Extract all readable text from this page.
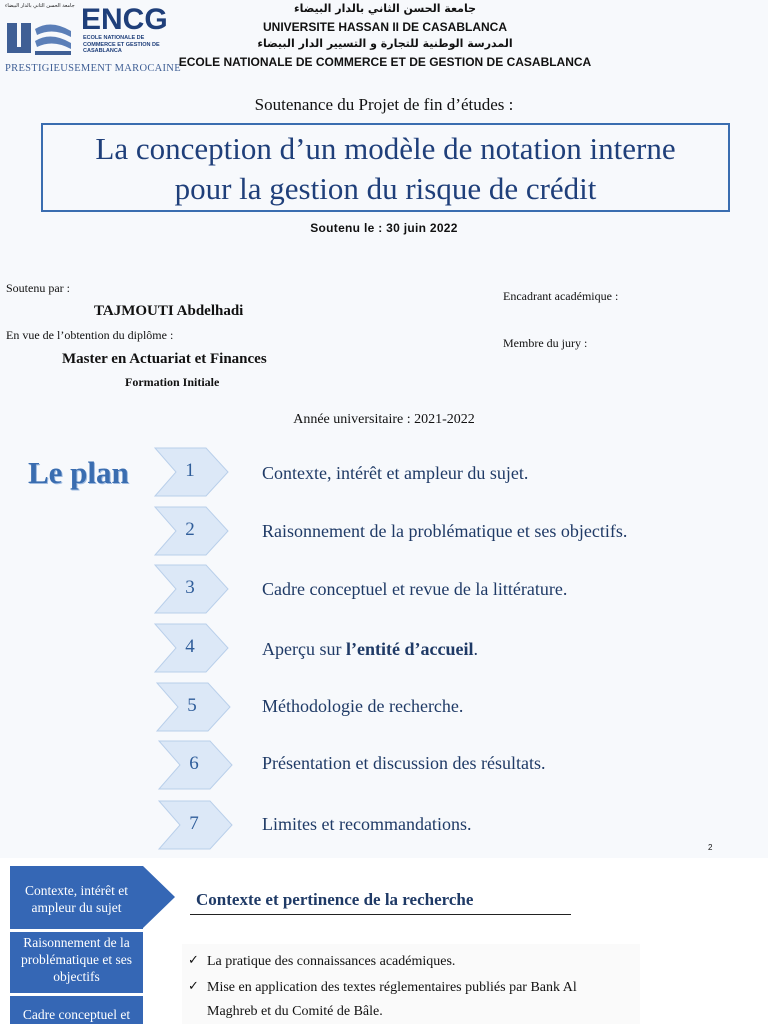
جامعة الحسن الثاني بالدار البيضاء	ENCG
ECOLE NATIONALE DE COMMERCE ET GESTION DE CASABLANCA
PRESTIGIEUSEMENT MAROCAINE
جامعة الحسن الثاني بالدار البيضاء
UNIVERSITE HASSAN II DE CASABLANCA
المدرسة الوطنية للتجارة و التسيير الدار البيضاء
ECOLE NATIONALE DE COMMERCE ET DE GESTION DE CASABLANCA
Soutenance du Projet de fin d’études :
La conception d’un modèle de notation interne
pour la gestion du risque de crédit
Soutenu le : 30 juin 2022
Soutenu par :
TAJMOUTI Abdelhadi
En vue de l’obtention du diplôme :
Master en Actuariat et Finances
Formation Initiale
Encadrant académique :
Membre du jury :
Année universitaire : 2021-2022
Le plan	1	Contexte, intérêt et ampleur du sujet.
2	Raisonnement de la problématique et ses objectifs.
3	Cadre conceptuel et revue de la littérature.
4	Aperçu sur l’entité d’accueil.
5	Méthodologie de recherche.
6	Présentation et discussion des résultats.
7	Limites et recommandations.
2
Contexte, intérêt et ampleur du sujet
Raisonnement de la problématique et ses objectifs
Cadre conceptuel et
Contexte et pertinence de la recherche
✓ La pratique des connaissances académiques.
✓ Mise en application des textes réglementaires publiés par Bank Al
Maghreb et du Comité de Bâle.
